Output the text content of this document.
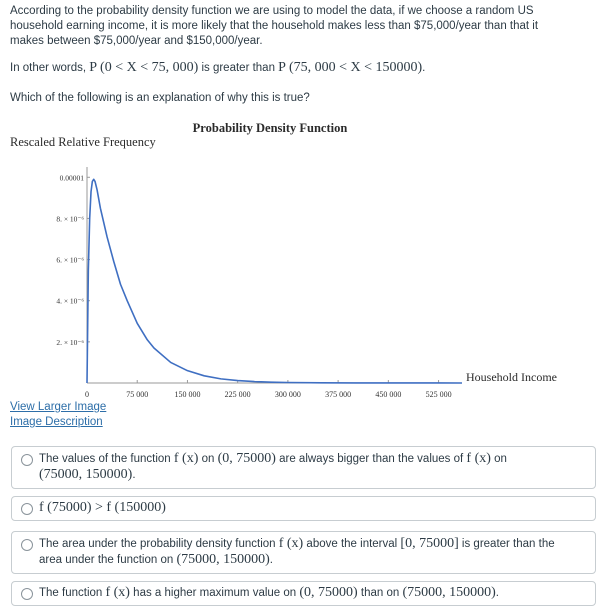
According to the probability density function we are using to model the data, if we choose a random US household earning income, it is more likely that the household makes less than $75,000/year than that it makes between $75,000/year and $150,000/year.
In other words, P (0 < X < 75, 000) is greater than P (75, 000 < X < 150000).
Which of the following is an explanation of why this is true?
Probability Density Function
Rescaled Relative Frequency
0	75 000	150 000	225 000	300 000	375 000	450 000	525 000
0.00001
8. × 10⁻⁶
6. × 10⁻⁶
4. × 10⁻⁶
2. × 10⁻⁶
Household Income
View Larger Image
Image Description
The values of the function f (x) on (0, 75000) are always bigger than the values of f (x) on
(75000, 150000).
f (75000) > f (150000)
The area under the probability density function f (x) above the interval [0, 75000] is greater than the
area under the function on (75000, 150000).
The function f (x) has a higher maximum value on (0, 75000) than on (75000, 150000).
